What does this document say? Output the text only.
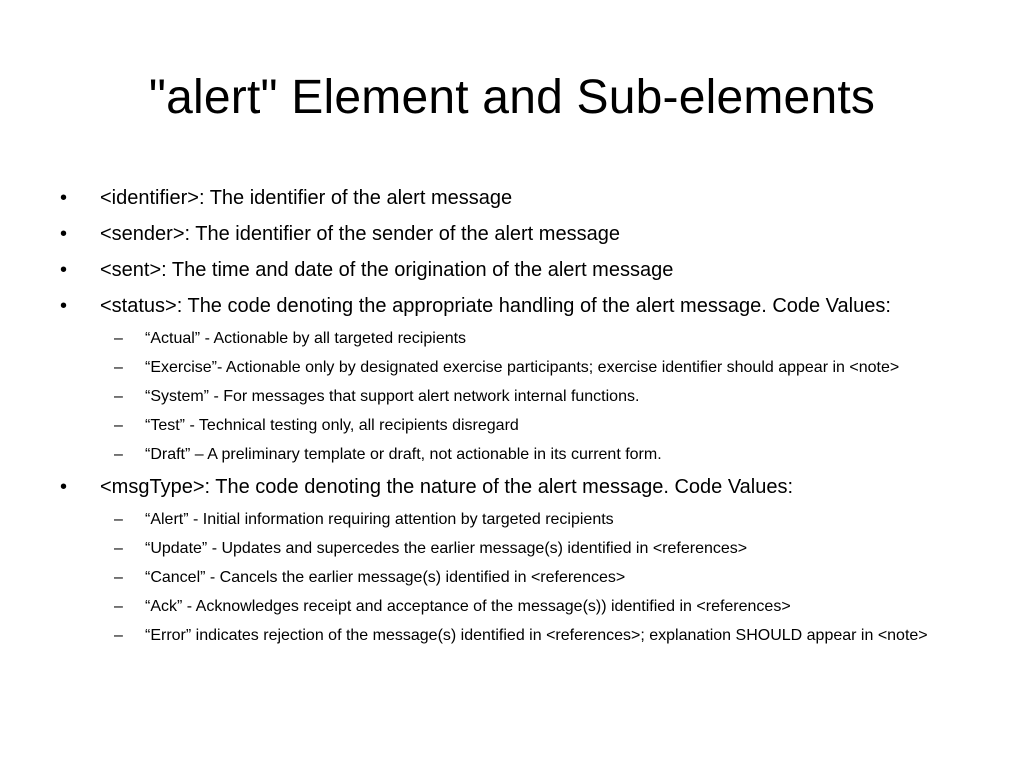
"alert" Element and Sub-elements
•	<identifier>: The identifier of the alert message
•	<sender>: The identifier of the sender of the alert message
•	<sent>: The time and date of the origination of the alert message
•	<status>: The code denoting the appropriate handling of the alert message. Code Values:
– “Actual” - Actionable by all targeted recipients
– “Exercise”- Actionable only by designated exercise participants; exercise identifier should appear in <note>
– “System” - For messages that support alert network internal functions.
– “Test” - Technical testing only, all recipients disregard
– “Draft” – A preliminary template or draft, not actionable in its current form.
•	<msgType>: The code denoting the nature of the alert message. Code Values:
– “Alert” - Initial information requiring attention by targeted recipients
– “Update” - Updates and supercedes the earlier message(s) identified in <references>
– “Cancel” - Cancels the earlier message(s) identified in <references>
– “Ack” - Acknowledges receipt and acceptance of the message(s)) identified in <references>
– “Error” indicates rejection of the message(s) identified in <references>; explanation SHOULD appear in <note>
